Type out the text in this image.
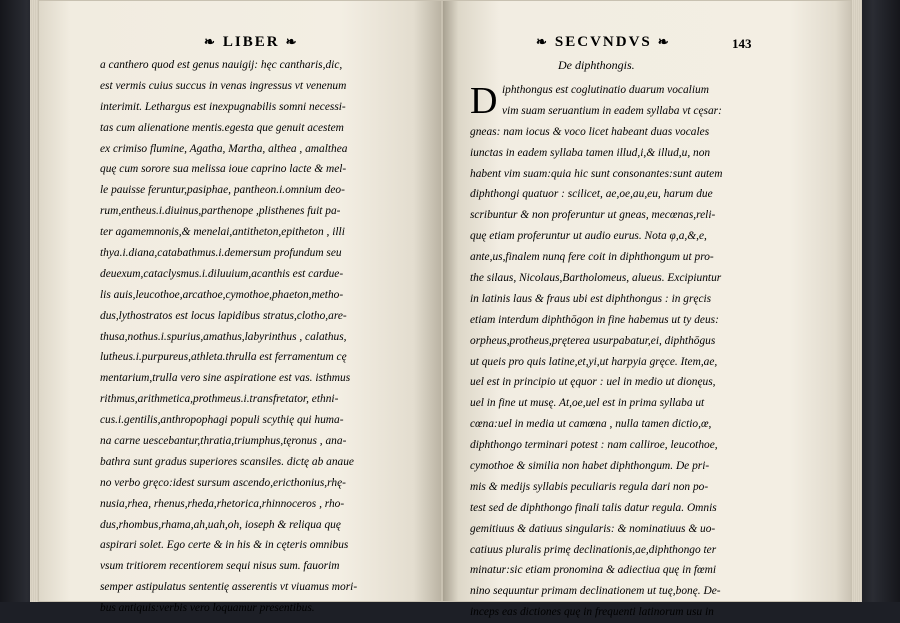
❧ LIBER ❧	❧ SECVNDVS ❧	143
a canthero quod est genus nauigij: hęc cantharis,dic,
est vermis cuius succus in venas ingressus vt venenum
interimit. Lethargus est inexpugnabilis somni necessi-
tas cum alienatione mentis.egesta que genuit acestem
ex crimiso flumine, Agatha, Martha, althea , amalthea
quę cum sorore sua melissa ioue caprino lacte & mel-
le pauisse feruntur,pasiphae, pantheon.i.omnium deo-
rum,entheus.i.diuinus,parthenope ,plisthenes fuit pa-
ter agamemnonis,& menelai,antitheton,epitheton , illi
thya.i.diana,catabathmus.i.demersum profundum seu
deuexum,cataclysmus.i.diluuium,acanthis est cardue-
lis auis,leucothoe,arcathoe,cymothoe,phaeton,metho-
dus,lythostratos est locus lapidibus stratus,clotho,are-
thusa,nothus.i.spurius,amathus,labyrinthus , calathus,
lutheus.i.purpureus,athleta.thrulla est ferramentum cę
mentarium,trulla vero sine aspiratione est vas. isthmus
rithmus,arithmetica,prothmeus.i.transfretator, ethni-
cus.i.gentilis,anthropophagi populi scythię qui huma-
na carne uescebantur,thratia,triumphus,tęronus , ana-
bathra sunt gradus superiores scansiles. dictę ab anaue
no verbo gręco:idest sursum ascendo,ericthonius,rhę-
nusia,rhea, rhenus,rheda,rhetorica,rhinnoceros , rho-
dus,rhombus,rhama,ah,uah,oh, ioseph & reliqua quę
aspirari solet. Ego certe & in his & in cęteris omnibus
vsum tritiorem recentiorem sequi nisus sum. fauorim
semper astipulatus sententię asserentis vt viuamus mori-
bus antiquis:verbis vero loquamur presentibus.
De diphthongis.
D iphthongus est coglutinatio duarum vocalium
vim suam seruantium in eadem syllaba vt cęsar:
gneas: nam iocus & voco licet habeant duas vocales
iunctas in eadem syllaba tamen illud,i,& illud,u, non
habent vim suam:quia hic sunt consonantes:sunt autem
diphthongi quatuor : scilicet, ae,oe,au,eu, harum due
scribuntur & non proferuntur ut gneas, mecœnas,reli-
quę etiam proferuntur ut audio eurus. Nota φ,a,&,e,
ante,us,finalem nunq fere coit in diphthongum ut pro-
the silaus, Nicolaus,Bartholomeus, alueus. Excipiuntur
in latinis laus & fraus ubi est diphthongus : in gręcis
etiam interdum diphthōgon in fine habemus ut ty deus:
orpheus,protheus,pręterea usurpabatur,ei, diphthōgus
ut queis pro quis latine,et,yi,ut harpyia gręce. Item,ae,
uel est in principio ut ęquor : uel in medio ut dionęus,
uel in fine ut musę. At,oe,uel est in prima syllaba ut
cœna:uel in media ut camœna , nulla tamen dictio,œ,
diphthongo terminari potest : nam calliroe, leucothoe,
cymothoe & similia non habet diphthongum. De pri-
mis & medijs syllabis peculiaris regula dari non po-
test sed de diphthongo finali talis datur regula. Omnis
gemitiuus & datiuus singularis: & nominatiuus & uo-
catiuus pluralis primę declinationis,ae,diphthongo ter
minatur:sic etiam pronomina & adiectiua quę in fœmi
nino sequuntur primam declinationem ut tuę,bonę. De-
inceps eas dictiones quę in frequenti latinorum usu in
